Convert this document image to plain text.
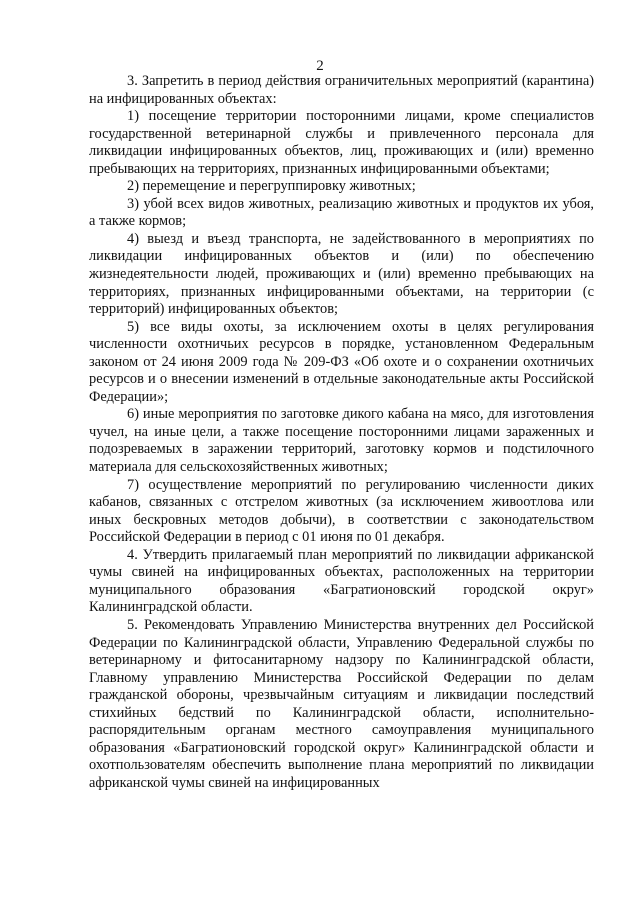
2

3. Запретить в период действия ограничительных мероприятий (карантина) на инфицированных объектах:

1) посещение территории посторонними лицами, кроме специалистов государственной ветеринарной службы и привлеченного персонала для ликвидации инфицированных объектов, лиц, проживающих и (или) временно пребывающих на территориях, признанных инфицированными объектами;

2) перемещение и перегруппировку животных;

3) убой всех видов животных, реализацию животных и продуктов их убоя, а также кормов;

4) выезд и въезд транспорта, не задействованного в мероприятиях по ликвидации инфицированных объектов и (или) по обеспечению жизнедеятельности людей, проживающих и (или) временно пребывающих на территориях, признанных инфицированными объектами, на территории (с территорий) инфицированных объектов;

5) все виды охоты, за исключением охоты в целях регулирования численности охотничьих ресурсов в порядке, установленном Федеральным законом от 24 июня 2009 года № 209-ФЗ «Об охоте и о сохранении охотничьих ресурсов и о внесении изменений в отдельные законодательные акты Российской Федерации»;

6) иные мероприятия по заготовке дикого кабана на мясо, для изготовления чучел, на иные цели, а также посещение посторонними лицами зараженных и подозреваемых в заражении территорий, заготовку кормов и подстилочного материала для сельскохозяйственных животных;

7) осуществление мероприятий по регулированию численности диких кабанов, связанных с отстрелом животных (за исключением живоотлова или иных бескровных методов добычи), в соответствии с законодательством Российской Федерации в период с 01 июня по 01 декабря.

4. Утвердить прилагаемый план мероприятий по ликвидации африканской чумы свиней на инфицированных объектах, расположенных на территории муниципального образования «Багратионовский городской округ» Калининградской области.

5. Рекомендовать Управлению Министерства внутренних дел Российской Федерации по Калининградской области, Управлению Федеральной службы по ветеринарному и фитосанитарному надзору по Калининградской области, Главному управлению Министерства Российской Федерации по делам гражданской обороны, чрезвычайным ситуациям и ликвидации последствий стихийных бедствий по Калининградской области, исполнительно-распорядительным органам местного самоуправления муниципального образования «Багратионовский городской округ» Калининградской области и охотпользователям обеспечить выполнение плана мероприятий по ликвидации африканской чумы свиней на инфицированных
